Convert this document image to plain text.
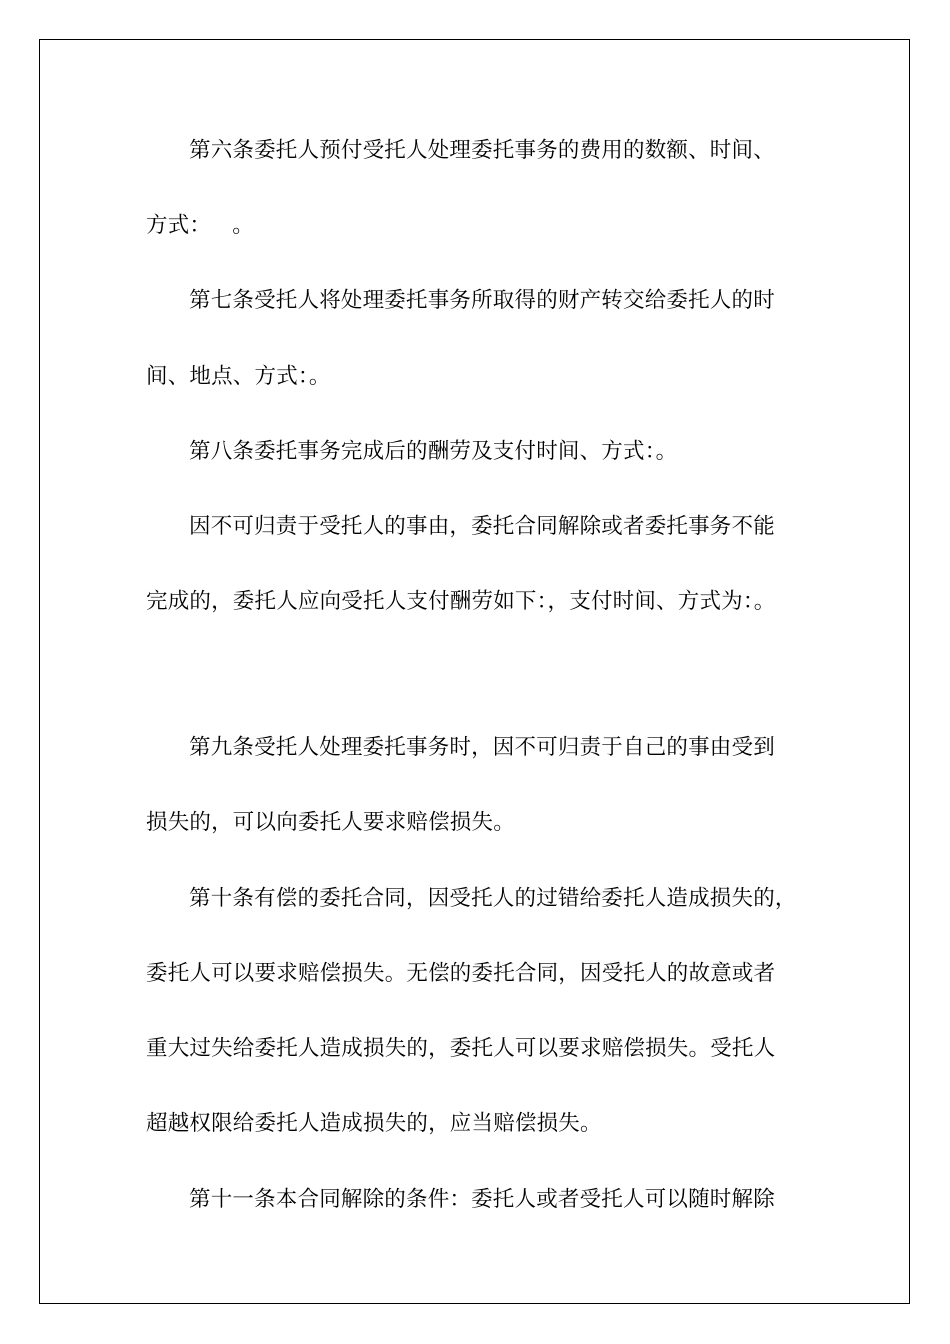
第六条委托人预付受托人处理委托事务的费用的数额、时间、

方式：   。

第七条受托人将处理委托事务所取得的财产转交给委托人的时

间、地点、方式：。

第八条委托事务完成后的酬劳及支付时间、方式：。

因不可归责于受托人的事由，委托合同解除或者委托事务不能

完成的，委托人应向受托人支付酬劳如下：，支付时间、方式为：。

第九条受托人处理委托事务时，因不可归责于自己的事由受到

损失的，可以向委托人要求赔偿损失。

第十条有偿的委托合同，因受托人的过错给委托人造成损失的，

委托人可以要求赔偿损失。无偿的委托合同，因受托人的故意或者

重大过失给委托人造成损失的，委托人可以要求赔偿损失。受托人

超越权限给委托人造成损失的，应当赔偿损失。

第十一条本合同解除的条件：委托人或者受托人可以随时解除
